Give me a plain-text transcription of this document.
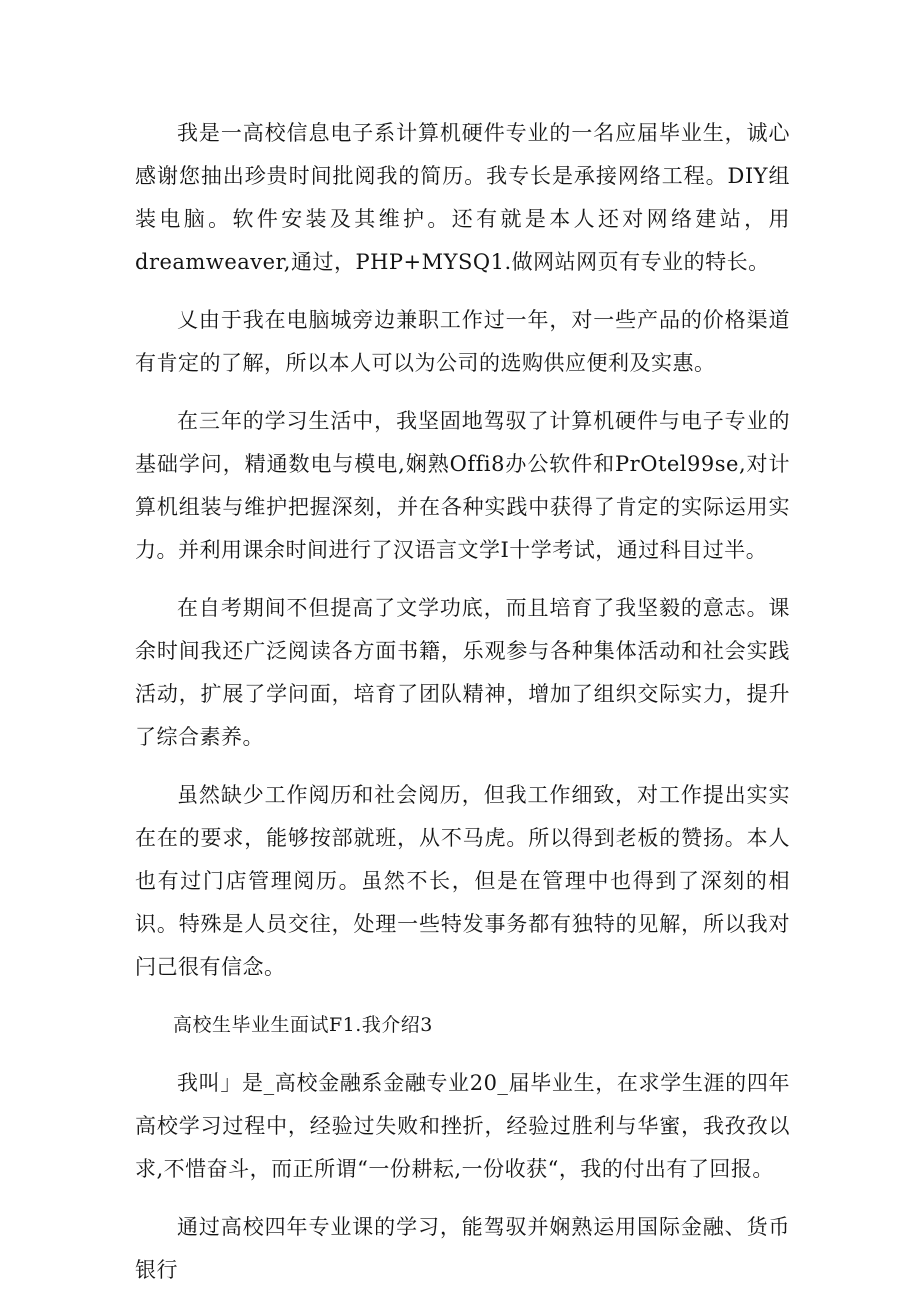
我是一高校信息电子系计算机硬件专业的一名应届毕业生，诚心感谢您抽出珍贵时间批阅我的简历。我专长是承接网络工程。DIY组装电脑。软件安装及其维护。还有就是本人还对网络建站，用dreamweaver,通过，PHP+MYSQ1.做网站网页有专业的特长。

乂由于我在电脑城旁边兼职工作过一年，对一些产品的价格渠道有肯定的了解，所以本人可以为公司的选购供应便利及实惠。

在三年的学习生活中，我坚固地驾驭了计算机硬件与电子专业的基础学问，精通数电与模电,娴熟Offi8办公软件和PrOtel99se,对计算机组装与维护把握深刻，并在各种实践中获得了肯定的实际运用实力。并利用课余时间进行了汉语言文学I十学考试，通过科目过半。

在自考期间不但提高了文学功底，而且培育了我坚毅的意志。课余时间我还广泛阅读各方面书籍，乐观参与各种集体活动和社会实践活动，扩展了学问面，培育了团队精神，增加了组织交际实力，提升了综合素养。

虽然缺少工作阅历和社会阅历，但我工作细致，对工作提出实实在在的要求，能够按部就班，从不马虎。所以得到老板的赞扬。本人也有过门店管理阅历。虽然不长，但是在管理中也得到了深刻的相识。特殊是人员交往，处理一些特发事务都有独特的见解，所以我对闩己很有信念。

高校生毕业生面试F1.我介绍3

我叫」是_高校金融系金融专业20_届毕业生，在求学生涯的四年高校学习过程中，经验过失败和挫折，经验过胜利与华蜜，我孜孜以求,不惜奋斗，而正所谓“一份耕耘,一份收获“，我的付出有了回报。

通过高校四年专业课的学习，能驾驭并娴熟运用国际金融、货币银行
